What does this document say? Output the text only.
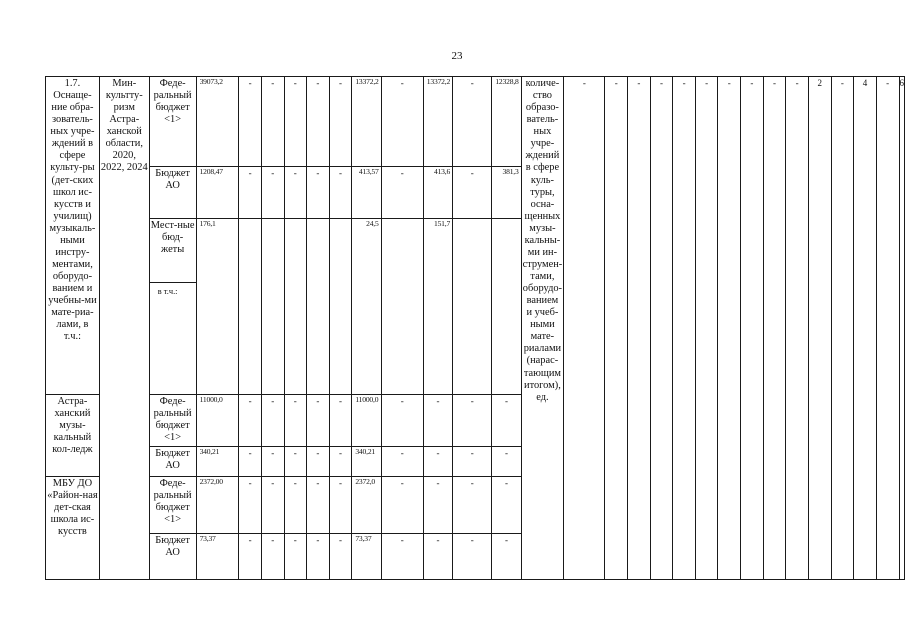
23
1.7. Оснаще-ние обра-зователь-ных учре-ждений в сфере культу-ры (дет-ских школ ис-кусств и училищ) музыкаль-ными инстру-ментами, оборудо-ванием и учебны-ми мате-риа-лами, в т.ч.:	Мин-культту-ризм Астра-ханской области, 2020, 2022, 2024	Феде-ральный бюджет <1>	39073,2	-	-	-	-	-	13372,2	-	13372,2	-	12328,8	количе-ство образо-ватель-ных учре-ждений в сфере куль-туры, осна-щенных музы-кальны-ми ин-струмен-тами, оборудо-ванием и учеб-ными мате-риалами (нарас-тающим итогом), ед.	-	-	-	-	-	-	-	-	-	-	2	-	4	-	6
		Бюджет АО	1208,47	-	-	-	-	-	413,57	-	413,6	-	381,3																
		Мест-ные бюд-жеты	176,1						24,5		151,7																		
		в т.ч.:																											
Астра-ханский музы-кальный кол-ледж		Феде-ральный бюджет <1>	11000,0	-	-	-	-	-	11000,0	-	-	-	-																
		Бюджет АО	340,21	-	-	-	-	-	340,21	-	-	-	-																
МБУ ДО «Район-ная дет-ская школа ис-кусств		Феде-ральный бюджет <1>	2372,00	-	-	-	-	-	2372,0	-	-	-	-																
		Бюджет АО	73,37	-	-	-	-	-	73,37	-	-	-	-																
